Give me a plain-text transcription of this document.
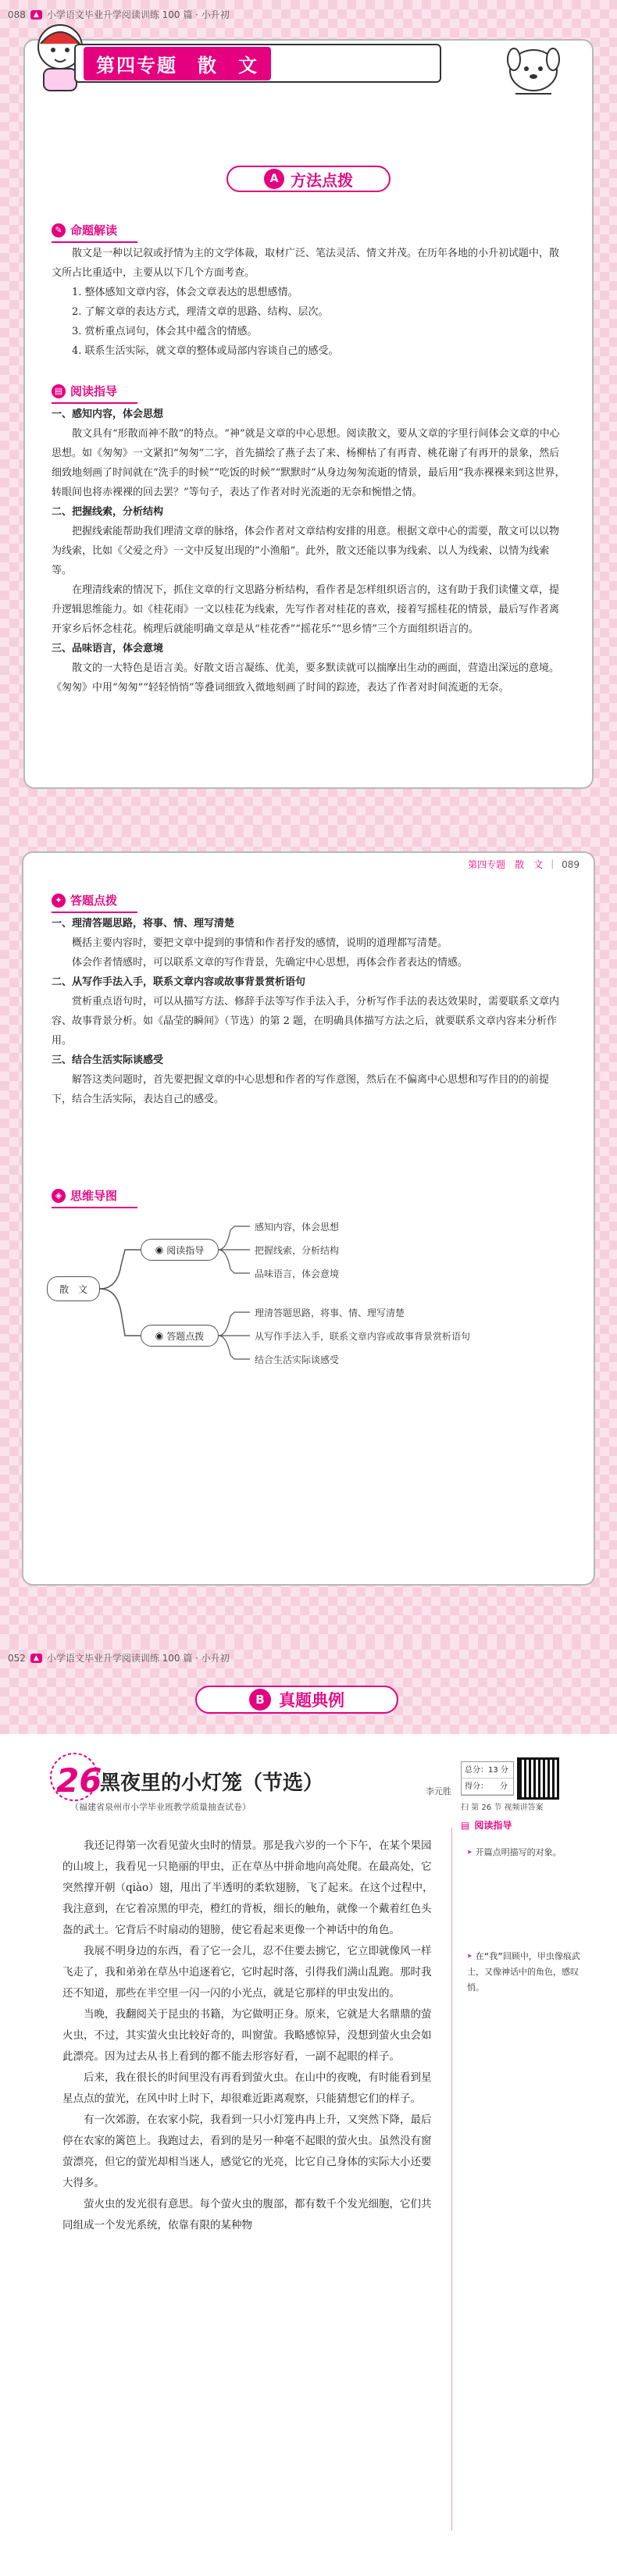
088	▲ 小学语文毕业升学阅读训练 100 篇 · 小升初
第四专题　散　文
A 方法点拨
✎ 命题解读

散文是一种以记叙或抒情为主的文学体裁，取材广泛、笔法灵活、情文并茂。在历年各地的小升初试题中，散文所占比重适中，主要从以下几个方面考查。

1. 整体感知文章内容，体会文章表达的思想感情。
2. 了解文章的表达方式，理清文章的思路、结构、层次。
3. 赏析重点词句，体会其中蕴含的情感。
4. 联系生活实际，就文章的整体或局部内容谈自己的感受。
▤ 阅读指导
一、感知内容，体会思想

散文具有“形散而神不散”的特点。“神”就是文章的中心思想。阅读散文，要从文章的字里行间体会文章的中心思想。如《匆匆》一文紧扣“匆匆”二字，首先描绘了燕子去了来、杨柳枯了有再青、桃花谢了有再开的景象，然后细致地刻画了时间就在“洗手的时候”“吃饭的时候”“默默时”从身边匆匆流逝的情景，最后用“我赤裸裸来到这世界，转眼间也将赤裸裸的回去罢？”等句子，表达了作者对时光流逝的无奈和惋惜之情。

二、把握线索，分析结构

把握线索能帮助我们理清文章的脉络，体会作者对文章结构安排的用意。根据文章中心的需要，散文可以以物为线索，比如《父爱之舟》一文中反复出现的“小渔船”。此外，散文还能以事为线索、以人为线索、以情为线索等。

在理清线索的情况下，抓住文章的行文思路分析结构，看作者是怎样组织语言的，这有助于我们读懂文章，提升逻辑思维能力。如《桂花雨》一文以桂花为线索，先写作者对桂花的喜欢，接着写摇桂花的情景，最后写作者离开家乡后怀念桂花。梳理后就能明确文章是从“桂花香”“摇花乐”“思乡情”三个方面组织语言的。

三、品味语言，体会意境

散文的一大特色是语言美。好散文语言凝练、优美，要多默读就可以揣摩出生动的画面，营造出深远的意境。《匆匆》中用“匆匆”“轻轻悄悄”等叠词细致入微地刻画了时间的踪迹，表达了作者对时间流逝的无奈。

第四专题　散　文 ｜ 089
✦ 答题点拨
一、理清答题思路，将事、情、理写清楚

概括主要内容时，要把文章中提到的事情和作者抒发的感情，说明的道理都写清楚。

体会作者情感时，可以联系文章的写作背景，先确定中心思想，再体会作者表达的情感。

二、从写作手法入手，联系文章内容或故事背景赏析语句

赏析重点语句时，可以从描写方法、修辞手法等写作手法入手，分析写作手法的表达效果时，需要联系文章内容、故事背景分析。如《晶莹的瞬间》（节选）的第 2 题，在明确具体描写方法之后，就要联系文章内容来分析作用。

三、结合生活实际谈感受

解答这类问题时，首先要把握文章的中心思想和作者的写作意图，然后在不偏离中心思想和写作目的的前提下，结合生活实际，表达自己的感受。

◈ 思维导图
散　文
◉ 阅读指导
◉ 答题点拨
感知内容，体会思想
把握线索，分析结构
品味语言，体会意境
理清答题思路，将事、情、理写清楚
从写作手法入手，联系文章内容或故事背景赏析语句
结合生活实际谈感受
052	▲ 小学语文毕业升学阅读训练 100 篇 · 小升初
B 真题典例
26
黑夜里的小灯笼（节选）	李元胜
（福建省泉州市小学毕业班教学质量抽查试卷）
总分：13 分
得分：　　分
扫 第 26 节 视频讲答案
▤ 阅读指导

我还记得第一次看见萤火虫时的情景。那是我六岁的一个下午，在某个果园的山坡上，我看见一只艳丽的甲虫，正在草丛中拼命地向高处爬。在最高处，它突然撑开朝（qiào）翅，甩出了半透明的柔软翅膀，飞了起来。在这个过程中，我注意到，在它着凉黑的甲壳，橙红的背板，细长的触角，就像一个戴着红色头盔的武士。它背后不时扇动的翅膀，使它看起来更像一个神话中的角色。

我展不明身边的东西，看了它一会儿，忍不住要去掳它，它立即就像风一样飞走了，我和弟弟在草丛中追逐着它，它时起时落，引得我们满山乱跑。那时我还不知道，那些在半空里一闪一闪的小光点，就是它那样的甲虫发出的。

当晚，我翻阅关于昆虫的书籍，为它做明正身。原来，它就是大名鼎鼎的萤火虫，不过，其实萤火虫比较好奇的，叫窗萤。我略感惊异，没想到萤火虫会如此漂亮。因为过去从书上看到的都不能去形容好看，一副不起眼的样子。

后来，我在很长的时间里没有再看到萤火虫。在山中的夜晚，有时能看到星星点点的萤光，在风中时上时下，却很难近距离观察，只能猜想它们的样子。

有一次郊游，在农家小院，我看到一只小灯笼冉冉上升，又突然下降，最后停在农家的篱笆上。我跑过去，看到的是另一种毫不起眼的萤火虫。虽然没有窗萤漂亮，但它的萤光却相当迷人，感觉它的光亮，比它自己身体的实际大小还要大得多。

萤火虫的发光很有意思。每个萤火虫的腹部，都有数千个发光细胞，它们共同组成一个发光系统，依靠有限的某种物

➤ 开篇点明描写的对象。
➤ 在“我”回顾中，甲虫像痕武士，又像神话中的角色，感叹悄。
